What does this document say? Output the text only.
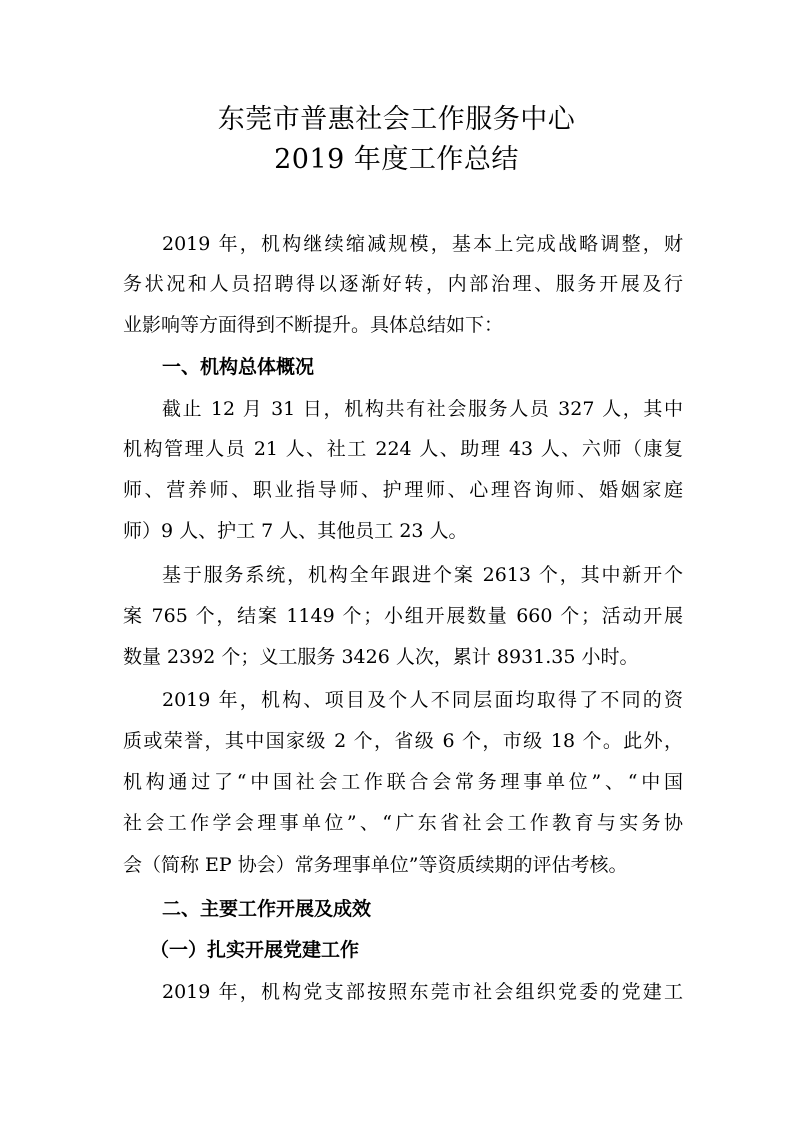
东莞市普惠社会工作服务中心
2019 年度工作总结
2019 年，机构继续缩减规模，基本上完成战略调整，财
务状况和人员招聘得以逐渐好转，内部治理、服务开展及行
业影响等方面得到不断提升。具体总结如下：
一、机构总体概况
截止 12 月 31 日，机构共有社会服务人员 327 人，其中
机构管理人员 21 人、社工 224 人、助理 43 人、六师（康复
师、营养师、职业指导师、护理师、心理咨询师、婚姻家庭
师）9 人、护工 7 人、其他员工 23 人。
基于服务系统，机构全年跟进个案 2613 个，其中新开个
案 765 个，结案 1149 个；小组开展数量 660 个；活动开展
数量 2392 个；义工服务 3426 人次，累计 8931.35 小时。
2019 年，机构、项目及个人不同层面均取得了不同的资
质或荣誉，其中国家级 2 个，省级 6 个，市级 18 个。此外，
机构通过了“中国社会工作联合会常务理事单位”、“中国
社会工作学会理事单位”、“广东省社会工作教育与实务协
会（简称 EP 协会）常务理事单位”等资质续期的评估考核。
二、主要工作开展及成效
（一）扎实开展党建工作
2019 年，机构党支部按照东莞市社会组织党委的党建工
